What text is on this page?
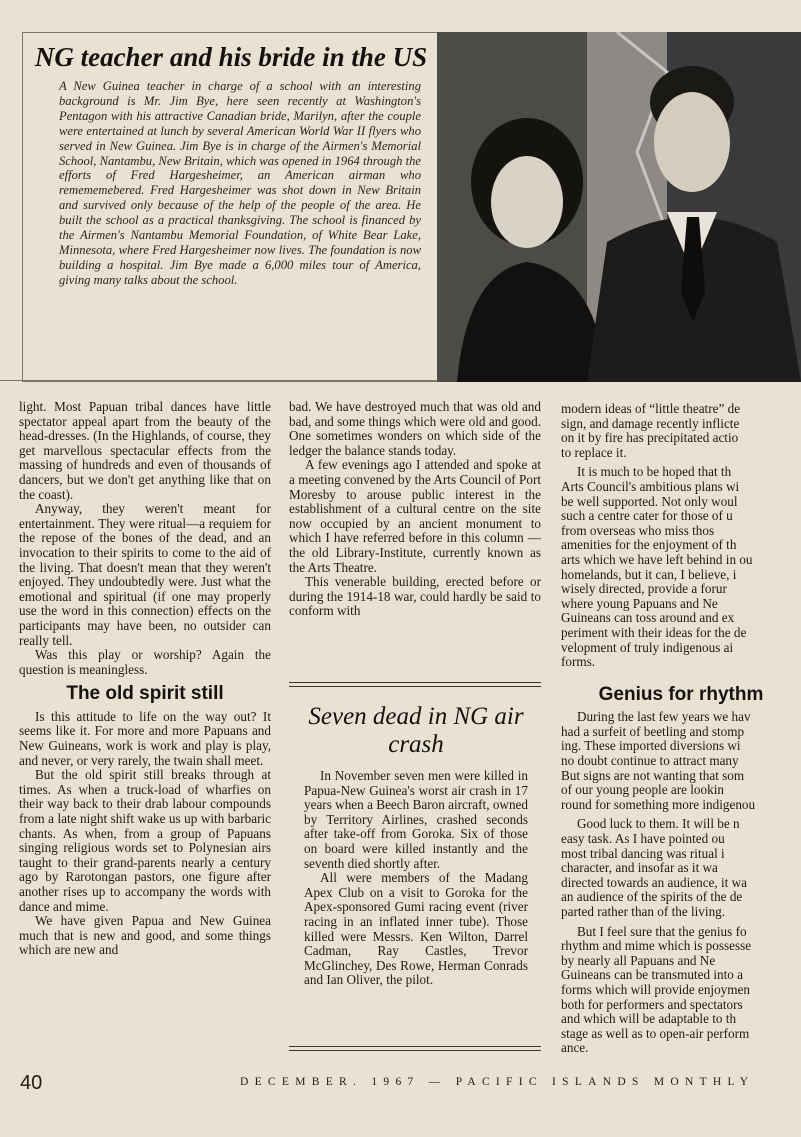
NG teacher and his bride in the US
A New Guinea teacher in charge of a school with an interesting background is Mr. Jim Bye, here seen recently at Washington's Pentagon with his attractive Canadian bride, Marilyn, after the couple were entertained at lunch by several American World War II flyers who served in New Guinea. Jim Bye is in charge of the Airmen's Memorial School, Nantambu, New Britain, which was opened in 1964 through the efforts of Fred Hargesheimer, an American airman who remememebered. Fred Hargesheimer was shot down in New Britain and survived only because of the help of the people of the area. He built the school as a practical thanksgiving. The school is financed by the Airmen's Nantambu Memorial Foundation, of White Bear Lake, Minnesota, where Fred Hargesheimer now lives. The foundation is now building a hospital. Jim Bye made a 6,000 miles tour of America, giving many talks about the school.

light. Most Papuan tribal dances have little spectator appeal apart from the beauty of the head-dresses. (In the Highlands, of course, they get marvellous spectacular effects from the massing of hundreds and even of thousands of dancers, but we don't get anything like that on the coast).

Anyway, they weren't meant for entertainment. They were ritual—a requiem for the repose of the bones of the dead, and an invocation to their spirits to come to the aid of the living. That doesn't mean that they weren't enjoyed. They undoubtedly were. Just what the emotional and spiritual (if one may properly use the word in this connection) effects on the participants may have been, no outsider can really tell.

Was this play or worship? Again the question is meaningless.

The old spirit still

Is this attitude to life on the way out? It seems like it. For more and more Papuans and New Guineans, work is work and play is play, and never, or very rarely, the twain shall meet.

But the old spirit still breaks through at times. As when a truck-load of wharfies on their way back to their drab labour compounds from a late night shift wake us up with barbaric chants. As when, from a group of Papuans singing religious words set to Polynesian airs taught to their grand-parents nearly a century ago by Rarotongan pastors, one figure after another rises up to accompany the words with dance and mime.

We have given Papua and New Guinea much that is new and good, and some things which are new and

bad. We have destroyed much that was old and bad, and some things which were old and good. One sometimes wonders on which side of the ledger the balance stands today.

A few evenings ago I attended and spoke at a meeting convened by the Arts Council of Port Moresby to arouse public interest in the establishment of a cultural centre on the site now occupied by an ancient monument to which I have referred before in this column — the old Library-Institute, currently known as the Arts Theatre.

This venerable building, erected before or during the 1914-18 war, could hardly be said to conform with

Seven dead in NG air crash

In November seven men were killed in Papua-New Guinea's worst air crash in 17 years when a Beech Baron aircraft, owned by Territory Airlines, crashed seconds after take-off from Goroka. Six of those on board were killed instantly and the seventh died shortly after.

All were members of the Madang Apex Club on a visit to Goroka for the Apex-sponsored Gumi racing event (river racing in an inflated inner tube). Those killed were Messrs. Ken Wilton, Darrel Cadman, Ray Castles, Trevor McGlinchey, Des Rowe, Herman Conrads and Ian Oliver, the pilot.

modern ideas of “little theatre” de
sign, and damage recently inflicte
on it by fire has precipitated actio
to replace it.
It is much to be hoped that th
Arts Council's ambitious plans wi
be well supported. Not only woul
such a centre cater for those of u
from overseas who miss thos
amenities for the enjoyment of th
arts which we have left behind in ou
homelands, but it can, I believe, i
wisely directed, provide a forur
where young Papuans and Ne
Guineans can toss around and ex
periment with their ideas for the de
velopment of truly indigenous ai
forms.
Genius for rhythm
During the last few years we hav
had a surfeit of beetling and stomp
ing. These imported diversions wi
no doubt continue to attract many
But signs are not wanting that som
of our young people are lookin
round for something more indigenou
Good luck to them. It will be n
easy task. As I have pointed ou
most tribal dancing was ritual i
character, and insofar as it wa
directed towards an audience, it wa
an audience of the spirits of the de
parted rather than of the living.
But I feel sure that the genius fo
rhythm and mime which is possesse
by nearly all Papuans and Ne
Guineans can be transmuted into a
forms which will provide enjoymen
both for performers and spectators
and which will be adaptable to th
stage as well as to open-air perform
ance.
40	DECEMBER. 1967 — PACIFIC ISLANDS MONTHLY
